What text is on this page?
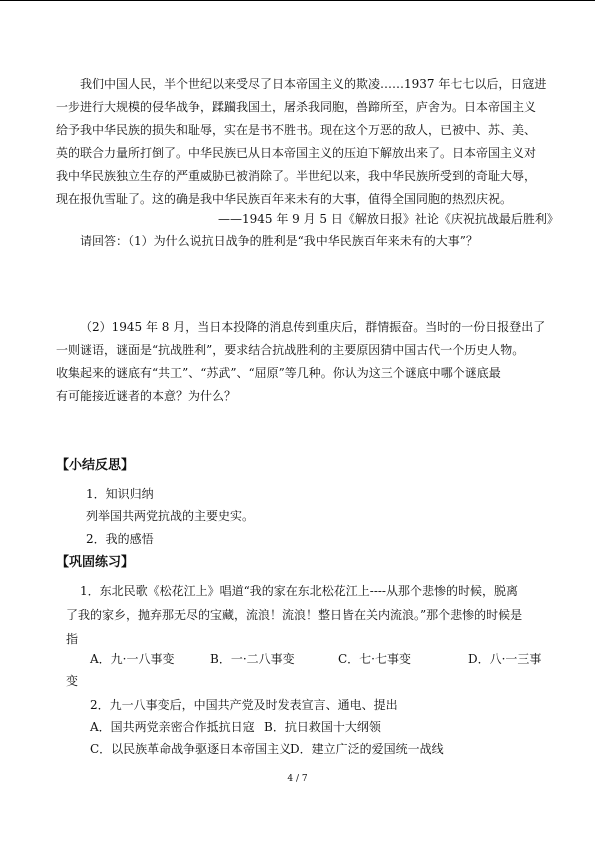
我们中国人民，半个世纪以来受尽了日本帝国主义的欺凌……1937 年七七以后，日寇进
一步进行大规模的侵华战争，蹂躏我国土，屠杀我同胞，兽蹄所至，庐舍为。日本帝国主义
给予我中华民族的损失和耻辱，实在是书不胜书。现在这个万恶的敌人，已被中、苏、美、
英的联合力量所打倒了。中华民族已从日本帝国主义的压迫下解放出来了。日本帝国主义对
我中华民族独立生存的严重威胁已被消除了。半世纪以来，我中华民族所受到的奇耻大辱，
现在报仇雪耻了。这的确是我中华民族百年来未有的大事，值得全国同胞的热烈庆祝。
——1945 年 9 月 5 日《解放日报》社论《庆祝抗战最后胜利》
请回答：（1）为什么说抗日战争的胜利是“我中华民族百年来未有的大事”？
（2）1945 年 8 月，当日本投降的消息传到重庆后，群情振奋。当时的一份日报登出了
一则谜语，谜面是“抗战胜利”，要求结合抗战胜利的主要原因猜中国古代一个历史人物。
收集起来的谜底有“共工”、“苏武”、“屈原”等几种。你认为这三个谜底中哪个谜底最
有可能接近谜者的本意？为什么？
【小结反思】
1．知识归纳
列举国共两党抗战的主要史实。
2．我的感悟
【巩固练习】
1．东北民歌《松花江上》唱道“我的家在东北松花江上----从那个悲惨的时候，脱离
了我的家乡，抛弃那无尽的宝藏，流浪！流浪！整日皆在关内流浪。”那个悲惨的时候是
指
A．九·一八事变	B．一·二八事变	C．七·七事变	D．八·一三事
变
2．九一八事变后，中国共产党及时发表宣言、通电、提出
A．国共两党亲密合作抵抗日寇 B．抗日救国十大纲领
C．以民族革命战争驱逐日本帝国主义
D．建立广泛的爱国统一战线
4 / 7
